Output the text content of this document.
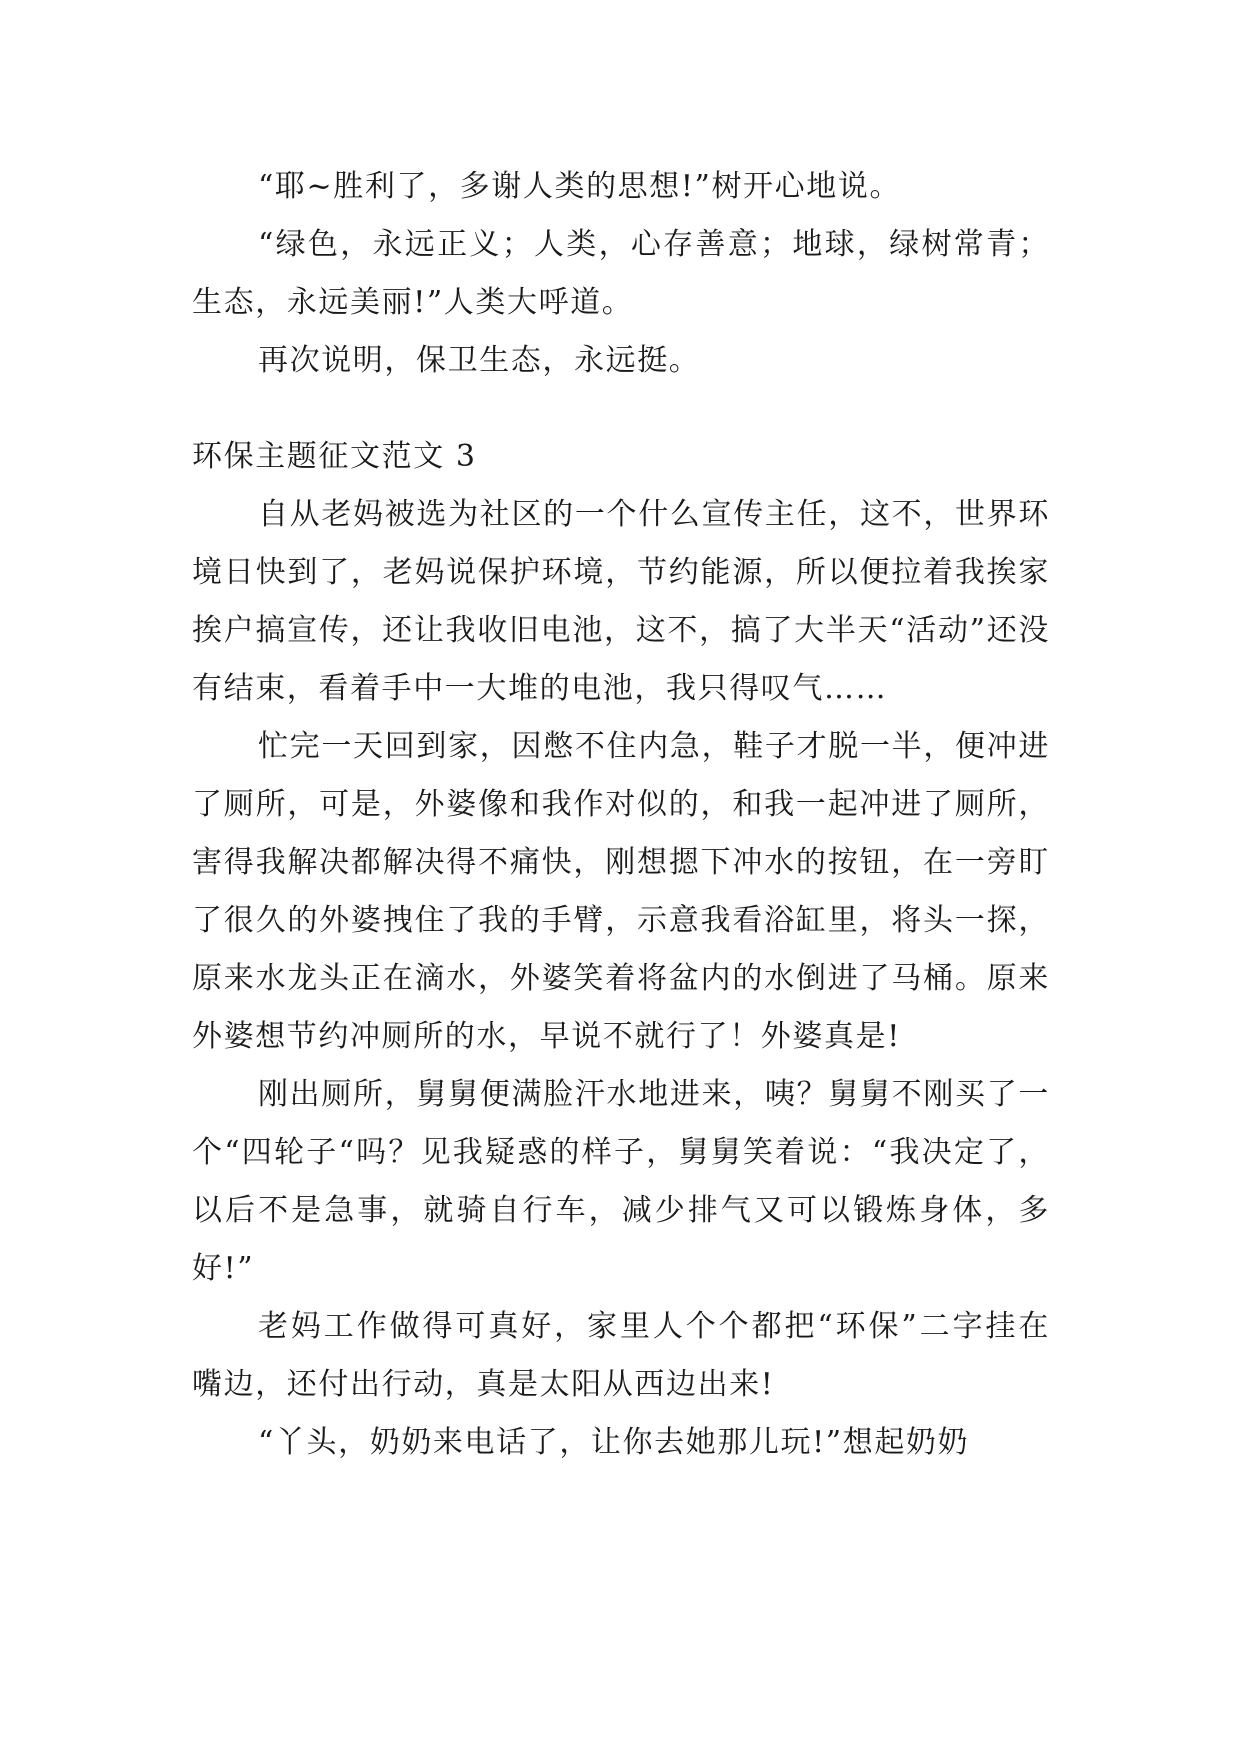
“耶~胜利了，多谢人类的思想!”树开心地说。

“绿色，永远正义；人类，心存善意；地球，绿树常青；生态，永远美丽!”人类大呼道。

再次说明，保卫生态，永远挺。

环保主题征文范文 3

自从老妈被选为社区的一个什么宣传主任，这不，世界环境日快到了，老妈说保护环境，节约能源，所以便拉着我挨家挨户搞宣传，还让我收旧电池，这不，搞了大半天“活动”还没有结束，看着手中一大堆的电池，我只得叹气……

忙完一天回到家，因憋不住内急，鞋子才脱一半，便冲进了厕所，可是，外婆像和我作对似的，和我一起冲进了厕所，害得我解决都解决得不痛快，刚想摁下冲水的按钮，在一旁盯了很久的外婆拽住了我的手臂，示意我看浴缸里，将头一探，原来水龙头正在滴水，外婆笑着将盆内的水倒进了马桶。原来外婆想节约冲厕所的水，早说不就行了！外婆真是!

刚出厕所，舅舅便满脸汗水地进来，咦？舅舅不刚买了一个“四轮子“吗？见我疑惑的样子，舅舅笑着说：“我决定了，以后不是急事，就骑自行车，减少排气又可以锻炼身体，多好!”

老妈工作做得可真好，家里人个个都把“环保”二字挂在嘴边，还付出行动，真是太阳从西边出来!

“丫头，奶奶来电话了，让你去她那儿玩!”想起奶奶
